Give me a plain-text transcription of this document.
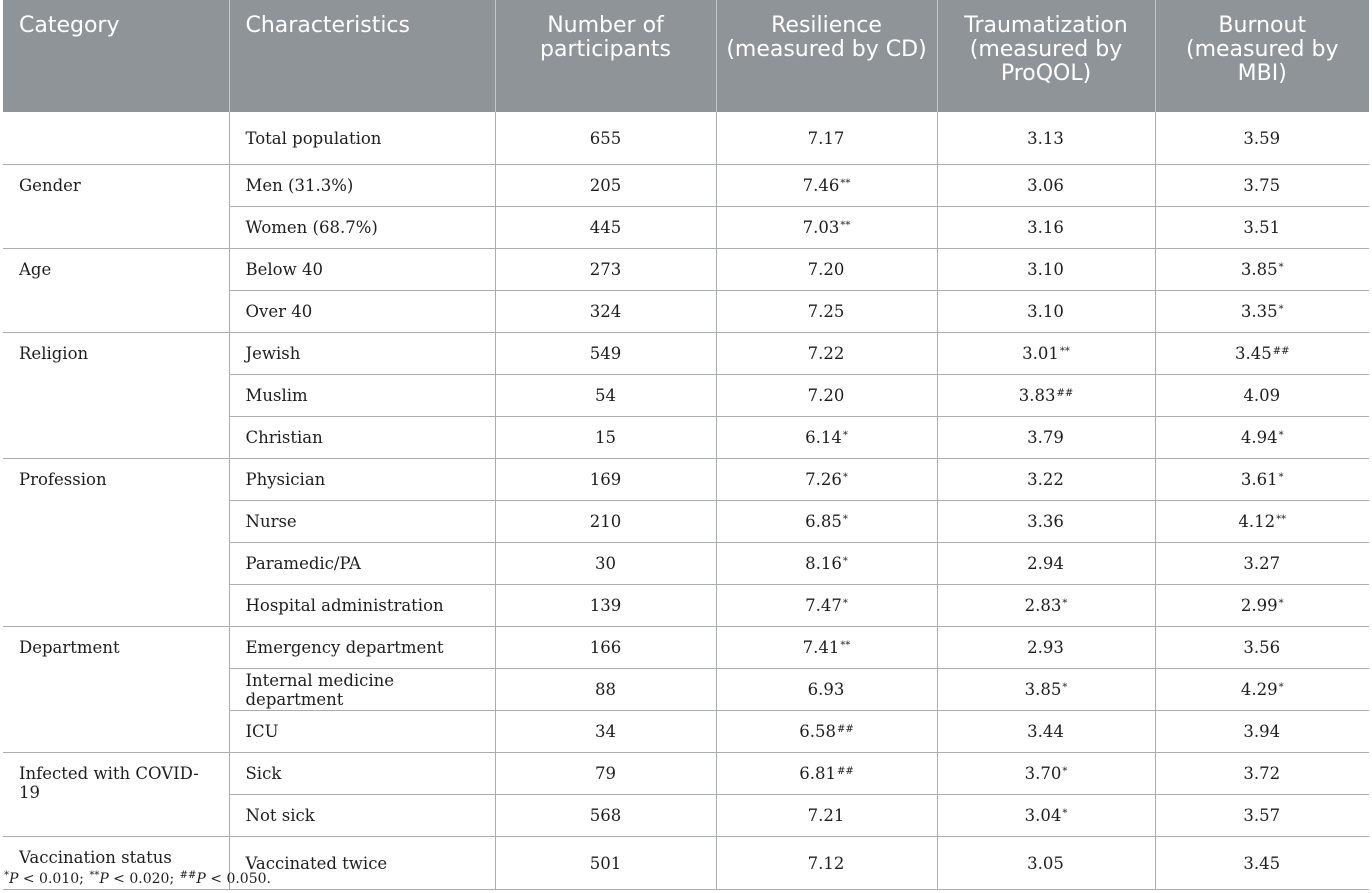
Category	Characteristics	Number of participants	Resilience (measured by CD)	Traumatization (measured by ProQOL)	Burnout (measured by MBI)
	Total population	655	7.17	3.13	3.59
Gender	Men (31.3%)	205	7.46**	3.06	3.75
	Women (68.7%)	445	7.03**	3.16	3.51
Age	Below 40	273	7.20	3.10	3.85*
	Over 40	324	7.25	3.10	3.35*
Religion	Jewish	549	7.22	3.01**	3.45##
	Muslim	54	7.20	3.83##	4.09
	Christian	15	6.14*	3.79	4.94*
Profession	Physician	169	7.26*	3.22	3.61*
	Nurse	210	6.85*	3.36	4.12**
	Paramedic/PA	30	8.16*	2.94	3.27
	Hospital administration	139	7.47*	2.83*	2.99*
Department	Emergency department	166	7.41**	2.93	3.56
	Internal medicine department	88	6.93	3.85*	4.29*
	ICU	34	6.58##	3.44	3.94
Infected with COVID-19	Sick	79	6.81##	3.70*	3.72
	Not sick	568	7.21	3.04*	3.57
Vaccination status	Vaccinated twice	501	7.12	3.05	3.45
*P < 0.010; **P < 0.020; ##P < 0.050.
